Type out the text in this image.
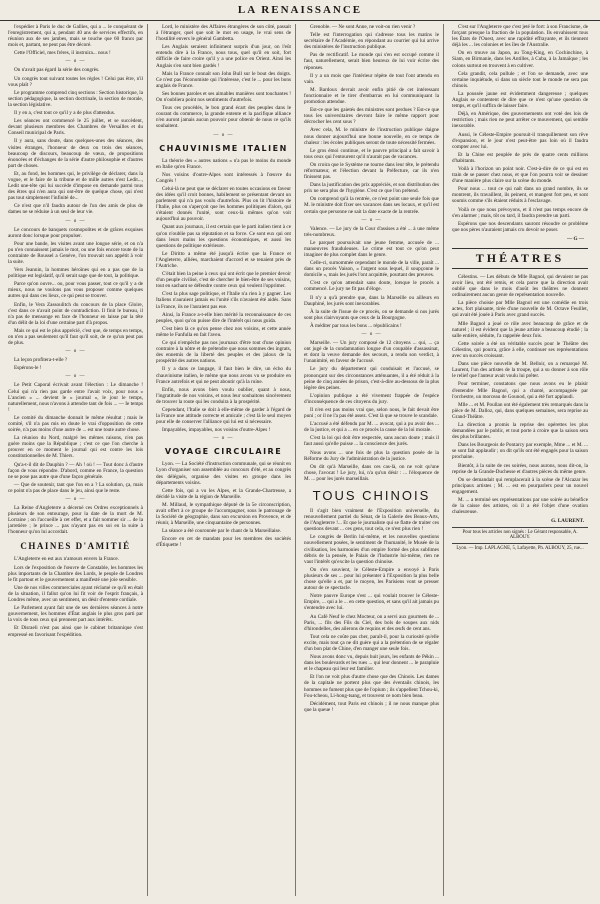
LA RENAISSANCE

l'expédier à Paris le duc de Gallies, qui a ... le conquérant de l'enregistrement, qui a, pendant 40 ans de services effectifs, en réunion aux de ses jambes, mais se touche que 60 francs par mois et, partant, ne peut pas être décoré.

Cette l'Officiel, mes frères, il instruira... nous !

— o —

On n'avait pas égard la série des congrès.

Un congrès tout suivant toutes les règles ! Celui pas être, n'il vous plaît ?

Le programme comprend cinq sections : Section historique, la section pédagogique, la section doctrinale, la section de morale, la section législative.

Il y en a, c'est tout ce qu'il y a de plus d'attendus.

Les séances ont commencé le 25 juillet, et se succèdent, devant plusieurs membres des Chambres de Versailles et du Conseil municipal de Paris.

Il y aura, sans doute, dans quelques-unes des séances, des visites étranges, l'honneur de deux ou trois des séances, beaucoup de discours, beaucoup de vœux, de propositions énoncées et d'échanges de la série d'autre philosophie et d'autres part de choses.

Et, au fond, les hommes qui, le privilège de déclarer, dans la vogue, et le faire de la tribune et de mille autres n'est Ledit..., Ledit une-tête qui lui succède d'impose en demande parmi tous des êtres qui n'en aura qui ont-être de quelque chose, qui n'est pas tout simplement l'infinité de...

Ce n'est que n'il faudra autour de l'un des amis de plus de dames ne se réduise à un seul de leur vie.

— o —

Le concours de banquets cosmopolites et de grâces exquises auront donc lorsque pour propulser.

Pour une bande, les visites avant une longue série, et on n'a pu n'en connaissent jamais le mot, ou une fois encore toute de la contrainte de Roussel a Genève, l'on trouvait son appétit à voir la suite.

Vers Jeannin, la hommes héroïnes qui en a pas que de la politique est legislatif, qu'il serait sage que de tout, la politique.

Parce qu'on ouvre... ou, pour vous passer, tout ce qu'il y a de mieux, nous ne voulons pas vous proposer comme quelques autres qui dans ces lieux, ce qui peut se trouver.

Enfin, le Vera Zassoulitch du concours de la place Gloire, c'est dans ce n'avait point de contradiction. Il finit le bureau, il n'a pas de mensonge en face de l'honneur en laisse par la tête d'un délit de la loi d'une certaine part d'à propos.

Mais ce qui est le plus apprécié, c'est que, de temps en temps, on n'en a pas seulement qu'il faut qu'il soit, de ce qu'un peut pas de plus.

— o —

La leçon profitera-t-elle ?

Espérons-le !

— o —

Le Petit Caporal écrivait avant l'élection : Le dimanche ! Celui qui n'a rien pas garde entre l'avait voix, pour nous « L'ancien » ... devient le « journal », le jour le temps, naturellement, nous n'avons à attendre tant de fois ... — Ie temps !

Le comité du dimanche donnait le même résultat ; mais le comité, s'il n'a pas mis en doute le vrai d'opposition de cette soirée, n'a pas moins d'une autre de ... est une toute autre chose.

La réunion du Nord, malgré les mêmes raisons, n'en pas guère moins que la République ; c'est ce que l'on cherche à prouver en ce moment le journal qui est contre les lois constitutionnelles de M. Thiers.

Qu'a-t-il dit de Dauphin ? — Ah ! où ! — Tout donc à d'autre façon de vous répondre. D'abord, comme en France, la question ne se pose pas autre que d'une façon générale.

— Que de soutenir, tant que l'on en a ? La solution, ça, mais ce point n'a pas de place dans le jeu, ainsi que le reste.

— o —

La Reine d'Angleterre a décerné ces Ordres exceptionnels à plusieurs de son entourage, pour la date de la mort de M. Lorraine ; on l'accueille à cet effet, et a fait nommer sir ... de la jarretière ; le prince ... pas n'ayant pas en soi en la suite à l'honneur qu'on lui accordait.

CHAINES D'AMITIÉ

L'Angleterre en est aux n'amours envers la France.

Lors de l'exposition de l'œuvre de Constable, les hommes les plus importants de la Chambre des Lords, le peuple de Londres le fit partout et le gouvernement a manifesté une joie sensible.

Une de nos villes commerciales ayant réclamé ce qu'il en était de la situation, il fallut qu'on lui fit voir de l'esprit français, à Londres même, avec un sentiment, un désir d'entente cordiale.

Le Parlement ayant fait une de ses dernières séances à notre gouvernement, les hommes d'État anglais le plus gros parti par la voix de tous ceux qui prennent part aux intérêts.

Et Disraeli n'est pas ainsi que le cabinet britannique s'est empressé en favorisant l'expédition.

Lord, le ministère des Affaires étrangères de son côté, passait à l'étranger, quel que soit le mot en usage, le vrai sens de l'hostilité envers le général Gambetta.

Les Anglais seraient infiniment surpris d'un jour, on l'eût entendu dire à la France, nous tous, quel qu'il en soit, fort difficile de faire croire qu'il y a une police en Orient. Ainsi les Anglais s'en sont bien gardés !

Mais la France connaît son John Bull sur le bout des doigts. Ce n'est pas l'économiste qui l'intéresse, c'est le ... pour les bons anglais de France.

Ses bonnes paroles et ses aimables manières sont touchantes ! On n'oubliera point nos sentiments d'autrefois.

Tous ces procédés, le bon grand écart des peuples dans le courant du commerce, la grande entente et la pacifique alliance n'en auront jamais aucun pouvoir pour obtenir de nous ce qu'ils souhaitent.

— o —
CHAUVINISME ITALIEN

La théorie des « autres nations » n'a pas le moins du monde en Italie qu'en France.

Nos voisins d'outre-Alpes sont intéressés à l'œuvre du Congrès !

Celui-là ne peut que se déclarer en toutes occasions en faveur des idées qu'il croit bonnes, habilement se présentant devant un parlement qui n'a pas voulu d'autrefois. Plus on lit l'histoire de l'Italie, plus on s'aperçoit que les hommes politiques d'alors, qui s'étaient donnés l'unité, sont ceux-là mêmes qu'on voit aujourd'hui au pouvoir.

Quant aux journaux, il est certain que le parti italien tient à ce qu'on n'oublie pas sa réputation et sa force. Ce sont eux qui ont dans leurs mains les questions économiques, et aussi les questions de politique extérieure.

Le Diritto a même été jusqu'à écrire que la France et l'Angleterre, alliées, marchaient d'accord et se tenaient près de l'Autriche.

C'était bien la peine à ceux qui ont écrit que le premier devoir d'un peuple civilisé, c'est de chercher le bien-être de ses voisins, tout en sachant se défendre contre ceux qui veulent l'opprimer.

C'est la plus sage politique, et l'Italie n'a rien à y gagner. Les Italiens n'auraient jamais eu l'unité s'ils n'avaient été aidés. Sans la France, ils ne l'auraient pas eue.

Ainsi, la France a-t-elle bien mérité la reconnaissance de ces peuples, quoi qu'on puisse dire de l'intérêt qui nous guida.

C'est bien là ce qu'on pense chez nos voisins, et cette année même le Fanfulla en fait l'aveu.

Ce qui n'empêche pas nos journaux d'être tout d'une opinion contraire à la nôtre et de prétendre que nous sommes des ingrats, des ennemis de la liberté des peuples et des jaloux de la prospérité des autres nations.

Il y a dans ce langage, il faut bien le dire, un écho du chauvinisme italien, le même que nous avons vu se produire en France autrefois et qui ne peut aboutir qu'à la ruine.

Enfin, nous avons bien voulu oublier, quant à nous, l'ingratitude de nos voisins, et nous leur souhaitons sincèrement de trouver la route qui les conduira à la prospérité.

Cependant, l'Italie se doit à elle-même de garder à l'égard de la France une attitude correcte et amicale ; c'est là le seul moyen pour elle de conserver l'alliance qui lui est si nécessaire.

Impayables, impayables, nos voisins d'outre-Alpes !

— o —
VOYAGE CIRCULAIRE

Lyon. — La Société d'instruction communale, qui se réunit en Lyon d'organiser son assemblée au concours d'été, et au congrès des délégués, organise des visites en groupe dans les départements voisins.

Cette fois, qui a vu les Alpes, et la Grande-Chartreuse, a décidé la visite de la région de Marseille.

M. Millaud, le sympathique député de la 5e circonscription, avait offert à ce groupe de l'accompagner, sous le patronage de la Société de géographie, dans son excursion en Provence, et de réunir, à Marseille, une cinquantaine de personnes.

La séance a été couronnée par le chant de la Marseillaise.

Encore en cet de mandats pour les membres des sociétés d'Étiquette !

Grenoble. — Ne sont Anne, ne voit-on rien venir ?

Telle est l'interrogation qui s'adresse tous les matins le secrétaire de l'Académie, en répondant au courrier qui lui arrive des ministères de l'instruction publique.

Pas de rectificatif. Le monde qui s'en est occupé comme il faut, naturellement, serait bien heureux de lui voir écrire des réponses.

Il y a un mois que l'intérieur répète de tout l'ont attendu en vain.

M. Bardoux devrait avoir enfin pitié de cet intéressant fonctionnaire et le tirer d'embarras en lui communiquant la promotion attendue.

Est-ce que les gaietés des ministres sont perdues ? Est-ce que tous les universitaires devront faire le même rapport pour décrocher les cent sous ?

Avec cela, M. le ministre de l'instruction publique daigne nous donner aujourd'hui une bonne nouvelle, en ce temps de chaleur : les écoles publiques seront de toute nécessité fermées.

Le gros émoi continue, et le pauvre principal a fait savoir à tous ceux qui l'entourent qu'il n'aurait pas de vacances.

On croira que le Système ne tourne dans leur tête, le prétendu réformateur, et l'élection devant la Préfecture, car ils n'en finissent pas.

Dans la justification des prix appréciés, et son distribution des prix ne sera plus de l'hygiène. C'est ce que l'on prétend.

On comprend qu'à la rentrée, ce n'est point une seule fois que M. le ministre doit fixer ses vacances dans ses locaux, et qu'il est certain que personne ne sait la date exacte de la rentrée.

— o —

Valence. — Le jury de la Cour d'assises a été ... à une même très-nombreux.

Le parquet poursuivait une jeune femme, accusée de ... manœuvres frauduleuses. Le crime est tout ce qu'on peut imaginer de plus complet dans le genre.

Celle-ci, surnommée cependant le monde de la ville, paraît ... dans un procès Vaison, « l'argent sous lequel, il soupçonne le domicile », mais les jurés l'ont acquittée, pourtant des preuves.

C'est ce qu'on attendait sans doute, lorsque le procès a commencé. Le jury ne fit pas d'éloge.

Il n'y a qu'à prendre que, dans la Marseille ou ailleurs en Dauphiné, les jurés sont inexorables.

À la suite de l'issue de ce procès, on se demande si nos jurés sont plus clairvoyants que ceux de la Bourgogne.

À méditer par tous les bons ... républicains !

— o —

Marseille. — Un jury composé de 12 citoyens ... qui, ... ça ont jugé de la condamnation longue d'un coupable d'assassinat, et dont la veuve demande des secours, a rendu son verdict, à l'unanimité, en faveur de l'accusé.

Le jury du département qui conduisait et l'accusé, se prononçant sur des circonstances atténuantes, il a été réduit à la peine de cinq années de prison, c'est-à-dire au-dessous de la plus légère des peines.

L'opinion publique a été vivement frappée de l'espèce d'inconséquence de ces citoyens du jury.

Il n'en est pas moins vrai que, selon nous, le fait devait être puni ; or il ne l'a pas été assez. C'est là que se trouve le scandale.

L'accusé a été défendu par M. ... avocat, qui a pu avoir des ... de la justice, et qui a ... en ce procès la cause de la loi morale.

C'est la loi qui doit être respectée, sans aucun doute ; mais il faut aussi qu'elle puisse ... la conscience des jurés.

Nous avons ... une fois de plus la question posée de la Réforme du Jury de l'administration de la justice.

On dit qu'à Marseille, dans ces cas-là, on ne voit qu'une chose, l'avocat ! Le jury, lui, n'a qu'un désir : ... l'éloquence de M. ... pour les jurés marseillais.

TOUS CHINOIS

Il s'agit bien vraiment de l'Exposition universelle, du renouvellement partiel du Sénat, de la Galerie des Beaux-Arts, de l'Angleterre !... Et que le journaliste qui se flatte de traiter ces questions devant ... ces gens, tout cela, ce n'est plus rien !

Le congrès de Berlin lui-même, et les nouvelles questions nouvellement posées, le sentiment de l'humanité, le Musée de la civilisation, les harmonies d'un empire formé des plus sublimes débris de la pensée, le Palais de l'Industrie lui-même, rien ne vaut l'intérêt qu'excite la question chinoise.

On s'en souvient, le Céleste-Empire a envoyé à Paris plusieurs de ses ... pour lui présenter à l'Exposition la plus belle chose qu'elle a et, par le moyen, les Parisiens vont se presser autour de ce spectacle.

Notre pauvre Europe s'est ... qui voulait trouver le Céleste-Empire, ... qui a le ... en cette question, et sans qu'il ait jamais pu s'entendre avec lui.

Au Café Neuf le chez Mocteur, on a servi aux gourmets de ... Paris, ... fils des Fils du Ciel, des bols de soupes aux nids d'hirondelles, des ailerons de requins et des œufs de cent ans.

Tout cela ne coûte pas cher, paraît-il, pour la curiosité qu'elle excite, mais tout ça ne dit guère qui a la prétention de se régaler d'un bon plat de Chine, d'en manger une seule fois.

Nous avons donc vu, depuis huit jours, les enfants de Pékin ... dans les boulevards et les rues ... qui leur donnent ... le parapluie et le chapeau qui leur est familier.

Et l'on ne voit plus d'autre chose que des Chinois. Les dames de la capitale ne portent plus que des éventails chinois, les hommes ne fument plus que de l'opium ; ils s'appellent Tchou-ki, Fou-tcheou, Li-hong-tsang, et trouvent ce nom bien beau.

Décidément, tout Paris est chinois ; il ne nous manque plus que la queue !

C'est sur l'Angleterre que c'est jeté le fort: à son Francisme, de forçant presque la fraction de la population. Ils envahissent tous les États de l'Ouest, avec une rapidité effrayante, et ils tiennent déjà les ... les colonies et les îles de l'Australie.

On en trouve au Japon, au Tong-King, en Cochinchine, à Siam, en Birmanie, dans les Antilles, à Cuba, à la Jamaïque ; les colons surtout en trouvent à en cultiver.

Cela grandit, cela pullule ; et l'on se demande, avec une certaine inquiétude, si dans un siècle tout le monde ne sera pas chinois.

La poussée jaune est évidemment dangereuse ; quelques Anglais se contentent de dire que ce n'est qu'une question de temps, et qu'il suffira de laisser faire.

Déjà, en Amérique, des gouvernements ont voté des lois de restriction ; mais rien ne peut arrêter ce mouvement, qui semble inexorable.

Aussi, le Céleste-Empire poursuit-il tranquillement son rêve d'expansion, et le jour n'est peut-être pas loin où il faudra compter avec lui.

Et la Chine est peuplée de près de quatre cents millions d'habitants.

Voilà à l'horizon un point noir. C'est-à-dire de ce qui est en train de se passer chez nous, et que l'on pourra voir se dessiner d'une manière plus claire sur la scène du monde.

Pour nous ... tout ce qui naît dans un grand nombre, ils se montrent, ils travaillent, ils peinent, et mangent fort peu, et sont soumis comme s'ils étaient réduits à l'esclavage.

Voilà ce que nous prévoyons, et il n'est pas temps encore de s'en alarmer ; mais, tôt ou tard, il faudra prendre un parti.

Espérons que nos descendants sauront résoudre ce problème que nos pères n'auraient jamais cru devoir se poser.

— G —
THÉATRES

Célestins. — Les débuts de Mlle Bagnol, qui devaient ne pas avoir lieu, ont été remis, et cela parce que la direction avait oublié que dans le mois d'août les théâtres ne donnent ordinairement aucun genre de représentation nouvelle.

La pièce choisie par Mlle Bagnol est une comédie en trois actes, fort plaisante, tirée d'une nouvelle de M. Octave Feuillet, qui avait été jouée à Paris avec grand succès.

Mlle Bagnol a joué ce rôle avec beaucoup de grâce et de naturel ; il est évident que la jeune artiste a beaucoup étudié ; la salle entière, séduite, l'a rappelée deux fois.

Cette soirée a été un véritable succès pour le Théâtre des Célestins, qui pourra, grâce à elle, continuer ses représentations avec un succès croissant.

Dans une pièce nouvelle de M. Belloir, on a remarqué M. Laurent, l'un des artistes de la troupe, qui a su donner à son rôle le relief que l'auteur avait voulu lui prêter.

Pour terminer, constatons que nous avons eu le plaisir d'entendre Mlle Bagnol, qui a chanté, accompagnée par l'orchestre, un morceau de Gounod, qui a été fort applaudi.

Mlle ... et M. Poullan ont été également très remarqués dans la pièce de M. Dalloz, qui, dans quelques semaines, sera reprise au Grand-Théâtre.

La direction a promis la reprise des opérettes les plus demandées par le public, et tout porte à croire que la saison sera des plus brillantes.

Dans les Bourgeois de Pontarcy par exemple, Mme ... et M. ... se sont fait applaudir ; on dit qu'ils ont été engagés pour la saison prochaine.

Bientôt, à la suite de ces soirées, nous aurons, nous dit-on, la reprise de la Grande-Duchesse et d'autres pièces du même genre.

On se demandait qui remplacerait à la scène de l'Alcazar les principaux artistes ; M. ... est en pourparlers pour un nouvel engagement.

M. ... a terminé ses représentations par une soirée au bénéfice de la caisse des artistes, où il a été l'objet d'une ovation chaleureuse.

G. LAURENT.
Pour tous les articles non signés : Le Gérant responsable, A. ALBOUY.
Lyon. — Imp. LAPLAGNE, 5, Lafayette, Ph. ALBOUY, 25, rue...
